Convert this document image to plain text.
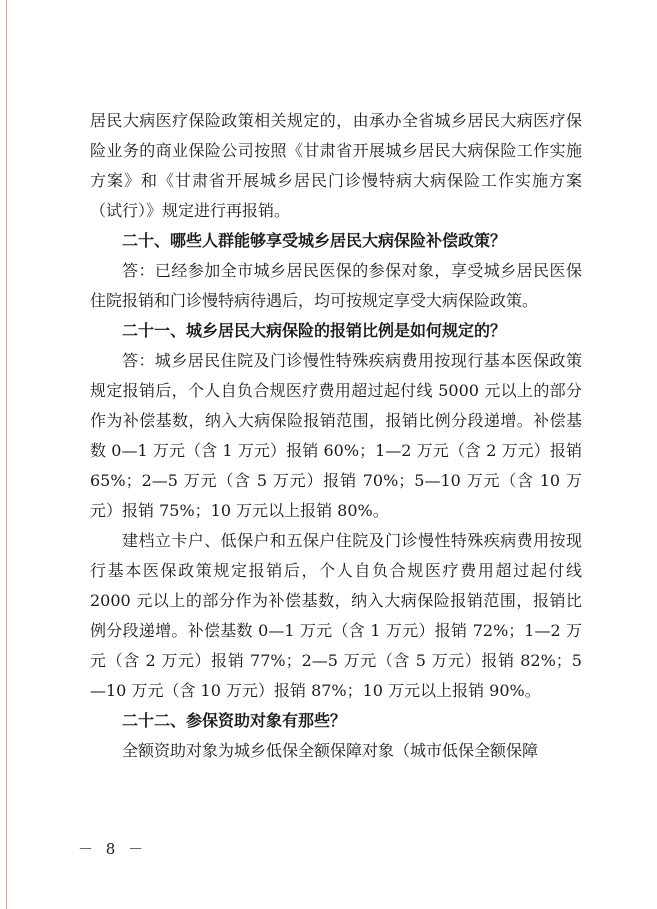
居民大病医疗保险政策相关规定的，由承办全省城乡居民大病医疗保险业务的商业保险公司按照《甘肃省开展城乡居民大病保险工作实施方案》和《甘肃省开展城乡居民门诊慢特病大病保险工作实施方案（试行）》规定进行再报销。

二十、哪些人群能够享受城乡居民大病保险补偿政策？

答：已经参加全市城乡居民医保的参保对象，享受城乡居民医保住院报销和门诊慢特病待遇后，均可按规定享受大病保险政策。

二十一、城乡居民大病保险的报销比例是如何规定的？

答：城乡居民住院及门诊慢性特殊疾病费用按现行基本医保政策规定报销后，个人自负合规医疗费用超过起付线 5000 元以上的部分作为补偿基数，纳入大病保险报销范围，报销比例分段递增。补偿基数 0—1 万元（含 1 万元）报销 60%；1—2 万元（含 2 万元）报销 65%；2—5 万元（含 5 万元）报销 70%；5—10 万元（含 10 万元）报销 75%；10 万元以上报销 80%。

建档立卡户、低保户和五保户住院及门诊慢性特殊疾病费用按现行基本医保政策规定报销后，个人自负合规医疗费用超过起付线 2000 元以上的部分作为补偿基数，纳入大病保险报销范围，报销比例分段递增。补偿基数 0—1 万元（含 1 万元）报销 72%；1—2 万元（含 2 万元）报销 77%；2—5 万元（含 5 万元）报销 82%；5—10 万元（含 10 万元）报销 87%；10 万元以上报销 90%。

二十二、参保资助对象有那些？

全额资助对象为城乡低保全额保障对象（城市低保全额保障

－ 8 －
